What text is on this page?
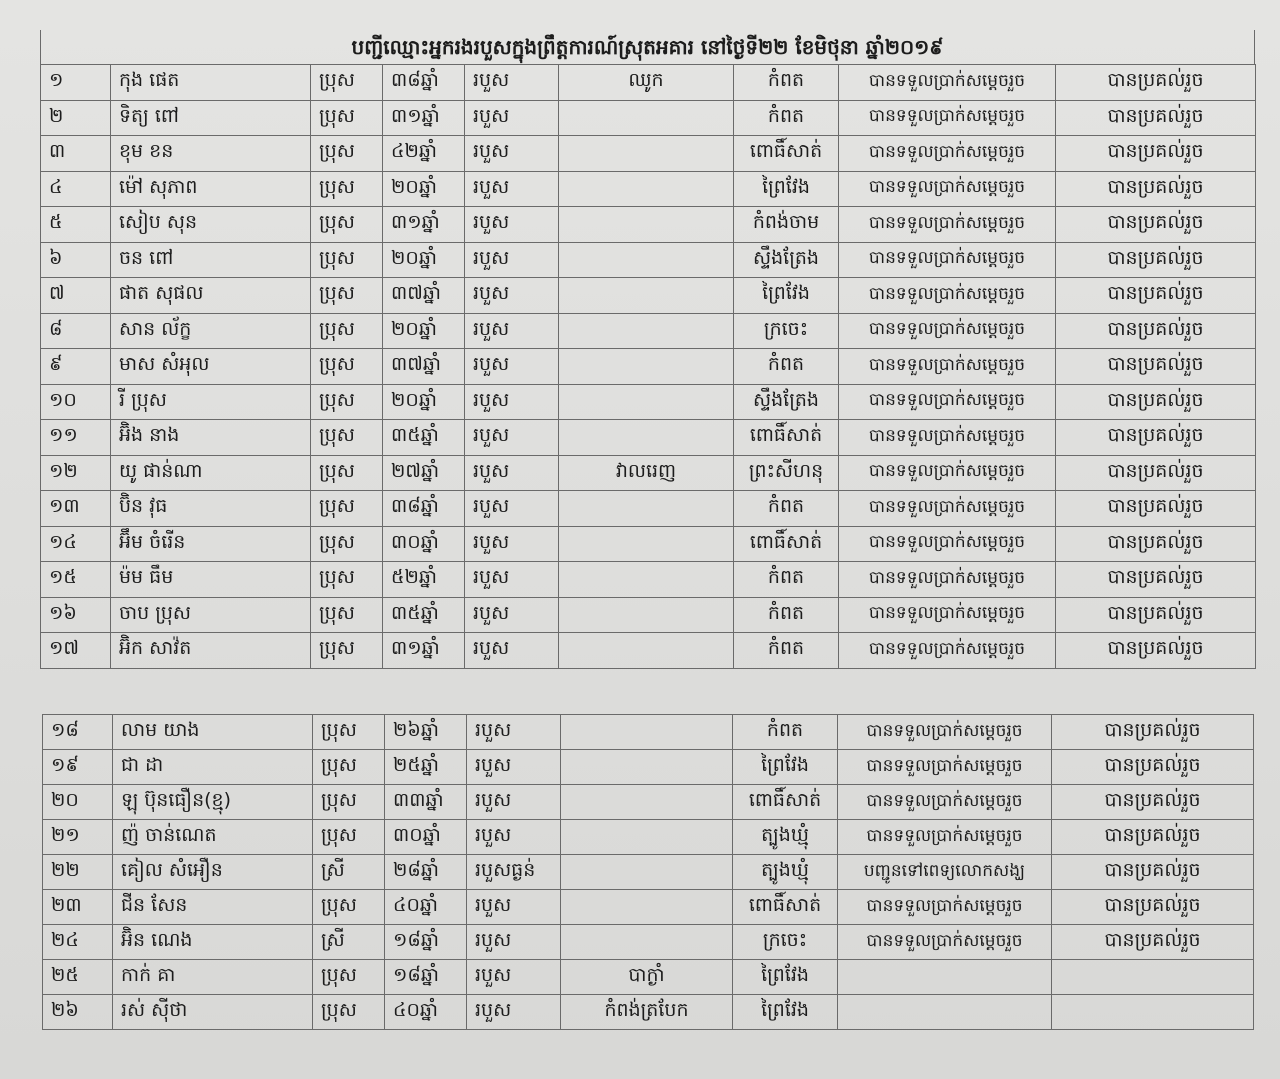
បញ្ជីឈ្មោះអ្នករងរបួសក្នុងព្រឹត្តការណ៍ស្រុតអគារ នៅថ្ងៃទី២២ ខែមិថុនា ឆ្នាំ២០១៩
១	កុង ផេត	ប្រុស	៣៨ឆ្នាំ	របួស	ឈូក	កំពត	បានទទួលប្រាក់សម្តេចរួច	បានប្រគល់រួច
២	ទិត្យ ពៅ	ប្រុស	៣១ឆ្នាំ	របួស		កំពត	បានទទួលប្រាក់សម្តេចរួច	បានប្រគល់រួច
៣	ខុម ខន	ប្រុស	៤២ឆ្នាំ	របួស		ពោធិ៍សាត់	បានទទួលប្រាក់សម្តេចរួច	បានប្រគល់រួច
៤	ម៉ៅ សុភាព	ប្រុស	២០ឆ្នាំ	របួស		ព្រៃវែង	បានទទួលប្រាក់សម្តេចរួច	បានប្រគល់រួច
៥	សៀប សុន	ប្រុស	៣១ឆ្នាំ	របួស		កំពង់ចាម	បានទទួលប្រាក់សម្តេចរួច	បានប្រគល់រួច
៦	ចន ពៅ	ប្រុស	២០ឆ្នាំ	របួស		ស្ទឹងត្រែង	បានទទួលប្រាក់សម្តេចរួច	បានប្រគល់រួច
៧	ផាត សុផល	ប្រុស	៣៧ឆ្នាំ	របួស		ព្រៃវែង	បានទទួលប្រាក់សម្តេចរួច	បានប្រគល់រួច
៨	សាន ល័ក្ខ	ប្រុស	២០ឆ្នាំ	របួស		ក្រចេះ	បានទទួលប្រាក់សម្តេចរួច	បានប្រគល់រួច
៩	មាស សំអុល	ប្រុស	៣៧ឆ្នាំ	របួស		កំពត	បានទទួលប្រាក់សម្តេចរួច	បានប្រគល់រួច
១០	រី ប្រុស	ប្រុស	២០ឆ្នាំ	របួស		ស្ទឹងត្រែង	បានទទួលប្រាក់សម្តេចរួច	បានប្រគល់រួច
១១	អ៊ិង នាង	ប្រុស	៣៥ឆ្នាំ	របួស		ពោធិ៍សាត់	បានទទួលប្រាក់សម្តេចរួច	បានប្រគល់រួច
១២	យូ ផាន់ណា	ប្រុស	២៧ឆ្នាំ	របួស	វាលរេញ	ព្រះសីហនុ	បានទទួលប្រាក់សម្តេចរួច	បានប្រគល់រួច
១៣	ប៊ិន វុធ	ប្រុស	៣៨ឆ្នាំ	របួស		កំពត	បានទទួលប្រាក់សម្តេចរួច	បានប្រគល់រួច
១៤	អ៊ឹម ចំរើន	ប្រុស	៣០ឆ្នាំ	របួស		ពោធិ៍សាត់	បានទទួលប្រាក់សម្តេចរួច	បានប្រគល់រួច
១៥	ម៉ម ធឹម	ប្រុស	៥២ឆ្នាំ	របួស		កំពត	បានទទួលប្រាក់សម្តេចរួច	បានប្រគល់រួច
១៦	ចាប ប្រុស	ប្រុស	៣៥ឆ្នាំ	របួស		កំពត	បានទទួលប្រាក់សម្តេចរួច	បានប្រគល់រួច
១៧	អ៊ិក សាវ៉ត	ប្រុស	៣១ឆ្នាំ	របួស		កំពត	បានទទួលប្រាក់សម្តេចរួច	បានប្រគល់រួច
១៨	លាម យាង	ប្រុស	២៦ឆ្នាំ	របួស		កំពត	បានទទួលប្រាក់សម្តេចរួច	បានប្រគល់រួច
១៩	ជា ដា	ប្រុស	២៥ឆ្នាំ	របួស		ព្រៃវែង	បានទទួលប្រាក់សម្តេចរួច	បានប្រគល់រួច
២០	ឡុ ប៊ុនធឿន(ខ្មុ)	ប្រុស	៣៣ឆ្នាំ	របួស		ពោធិ៍សាត់	បានទទួលប្រាក់សម្តេចរួច	បានប្រគល់រួច
២១	ញ៉ ចាន់ណេត	ប្រុស	៣០ឆ្នាំ	របួស		ត្បូងឃ្មុំ	បានទទួលប្រាក់សម្តេចរួច	បានប្រគល់រួច
២២	គៀល សំអឿន	ស្រី	២៨ឆ្នាំ	របួសធ្ងន់		ត្បូងឃ្មុំ	បញ្ជូនទៅពេទ្យលោកសង្ឃ	បានប្រគល់រួច
២៣	ជីន សែន	ប្រុស	៤០ឆ្នាំ	របួស		ពោធិ៍សាត់	បានទទួលប្រាក់សម្តេចរួច	បានប្រគល់រួច
២៤	អ៊ិន ណេង	ស្រី	១៨ឆ្នាំ	របួស		ក្រចេះ	បានទទួលប្រាក់សម្តេចរួច	បានប្រគល់រួច
២៥	កាក់ គា	ប្រុស	១៨ឆ្នាំ	របួស	បាក្ងាំ	ព្រៃវែង		
២៦	រស់ ស៊ីថា	ប្រុស	៤០ឆ្នាំ	របួស	កំពង់ត្របែក	ព្រៃវែង		
